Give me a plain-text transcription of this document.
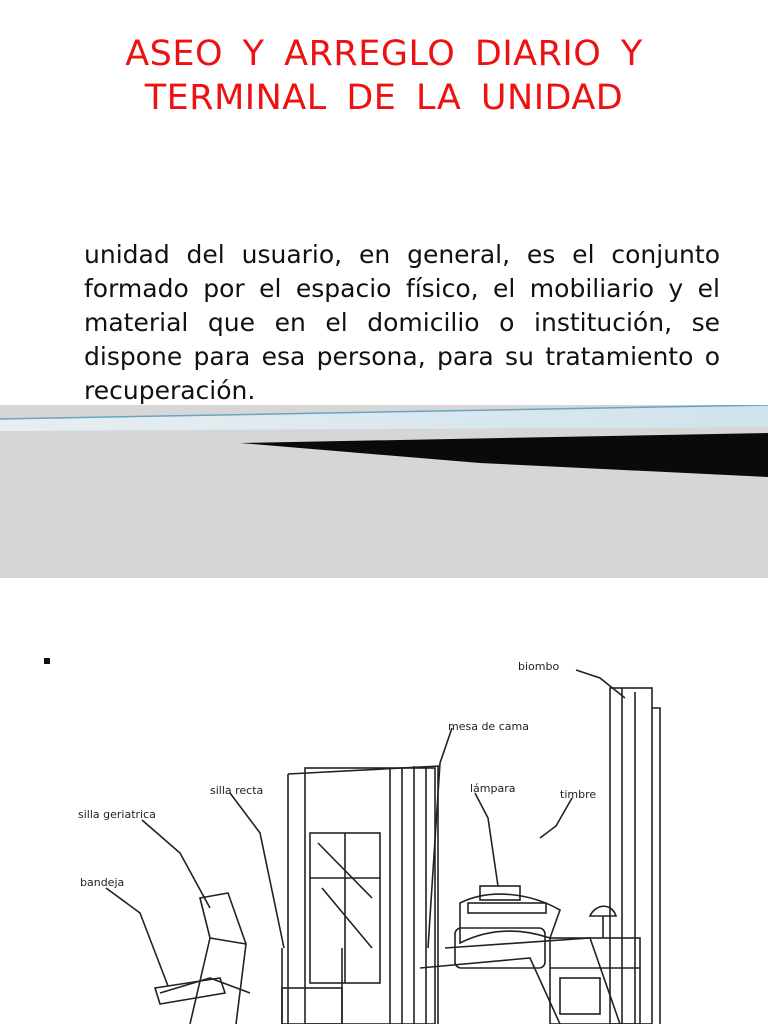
ASEO Y ARREGLO DIARIO Y
TERMINAL DE LA UNIDAD

unidad del usuario, en general, es el conjunto formado por el espacio físico, el mobiliario y el material que en el domicilio o institución, se dispone para esa persona, para su tratamiento o recuperación.

biombo
mesa de cama
lámpara	timbre
silla recta
silla geriatrica
bandeja
